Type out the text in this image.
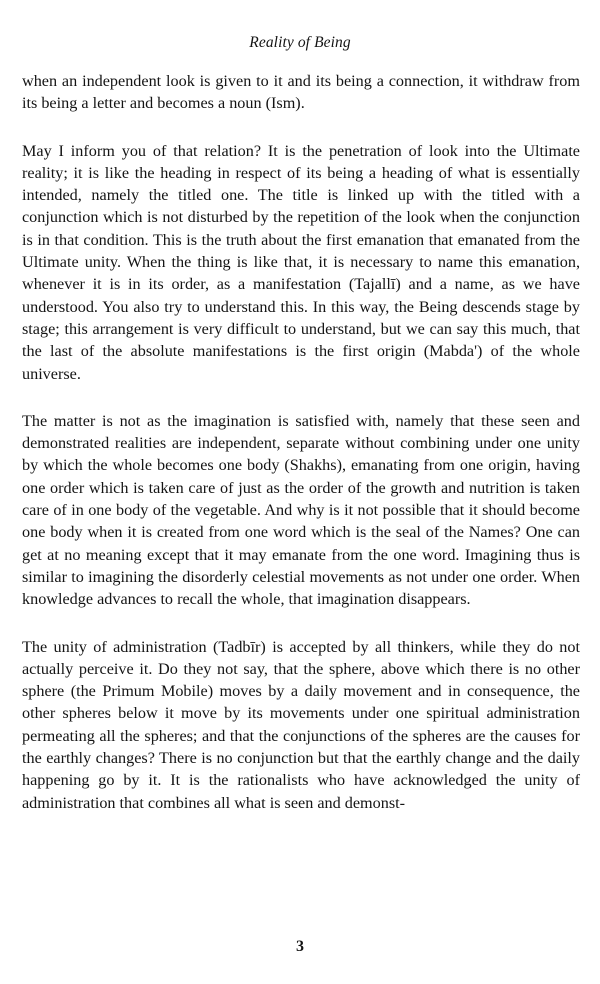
Reality of Being

when an independent look is given to it and its being a connection, it withdraw from its being a letter and becomes a noun (Ism).

May I inform you of that relation? It is the penetration of look into the Ultimate reality; it is like the heading in respect of its being a heading of what is essentially intended, namely the titled one. The title is linked up with the titled with a conjunction which is not disturbed by the repetition of the look when the conjunction is in that condition. This is the truth about the first emanation that emanated from the Ultimate unity. When the thing is like that, it is necessary to name this emanation, whenever it is in its order, as a manifestation (Tajallī) and a name, as we have understood. You also try to understand this. In this way, the Being descends stage by stage; this arrangement is very difficult to understand, but we can say this much, that the last of the absolute manifestations is the first origin (Mabda') of the whole universe.

The matter is not as the imagination is satisfied with, namely that these seen and demonstrated realities are independent, separate without combining under one unity by which the whole becomes one body (Shakhs), emanating from one origin, having one order which is taken care of just as the order of the growth and nutrition is taken care of in one body of the vegetable. And why is it not possible that it should become one body when it is created from one word which is the seal of the Names? One can get at no meaning except that it may emanate from the one word. Imagining thus is similar to imagining the disorderly celestial movements as not under one order. When knowledge advances to recall the whole, that imagination disappears.

The unity of administration (Tadbīr) is accepted by all thinkers, while they do not actually perceive it. Do they not say, that the sphere, above which there is no other sphere (the Primum Mobile) moves by a daily movement and in consequence, the other spheres below it move by its movements under one spiritual administration permeating all the spheres; and that the conjunctions of the spheres are the causes for the earthly changes? There is no conjunction but that the earthly change and the daily happening go by it. It is the rationalists who have acknowledged the unity of administration that combines all what is seen and demonst-

3
